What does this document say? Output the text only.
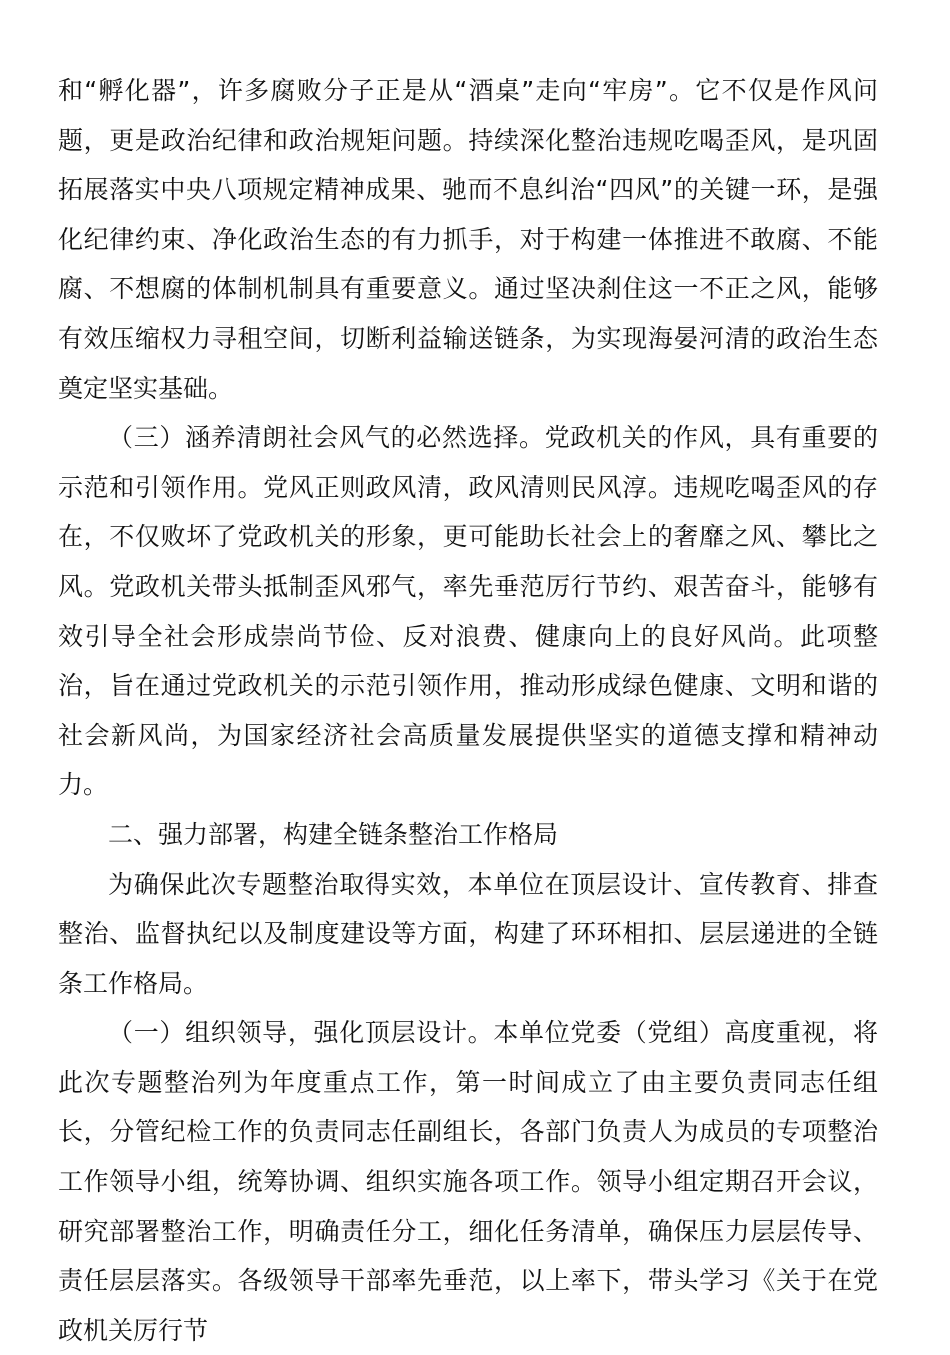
和“孵化器”，许多腐败分子正是从“酒桌”走向“牢房”。它不仅是作风问题，更是政治纪律和政治规矩问题。持续深化整治违规吃喝歪风，是巩固拓展落实中央八项规定精神成果、驰而不息纠治“四风”的关键一环，是强化纪律约束、净化政治生态的有力抓手，对于构建一体推进不敢腐、不能腐、不想腐的体制机制具有重要意义。通过坚决刹住这一不正之风，能够有效压缩权力寻租空间，切断利益输送链条，为实现海晏河清的政治生态奠定坚实基础。

（三）涵养清朗社会风气的必然选择。党政机关的作风，具有重要的示范和引领作用。党风正则政风清，政风清则民风淳。违规吃喝歪风的存在，不仅败坏了党政机关的形象，更可能助长社会上的奢靡之风、攀比之风。党政机关带头抵制歪风邪气，率先垂范厉行节约、艰苦奋斗，能够有效引导全社会形成崇尚节俭、反对浪费、健康向上的良好风尚。此项整治，旨在通过党政机关的示范引领作用，推动形成绿色健康、文明和谐的社会新风尚，为国家经济社会高质量发展提供坚实的道德支撑和精神动力。

二、强力部署，构建全链条整治工作格局

为确保此次专题整治取得实效，本单位在顶层设计、宣传教育、排查整治、监督执纪以及制度建设等方面，构建了环环相扣、层层递进的全链条工作格局。

（一）组织领导，强化顶层设计。本单位党委（党组）高度重视，将此次专题整治列为年度重点工作，第一时间成立了由主要负责同志任组长，分管纪检工作的负责同志任副组长，各部门负责人为成员的专项整治工作领导小组，统筹协调、组织实施各项工作。领导小组定期召开会议，研究部署整治工作，明确责任分工，细化任务清单，确保压力层层传导、责任层层落实。各级领导干部率先垂范，以上率下，带头学习《关于在党政机关厉行节
